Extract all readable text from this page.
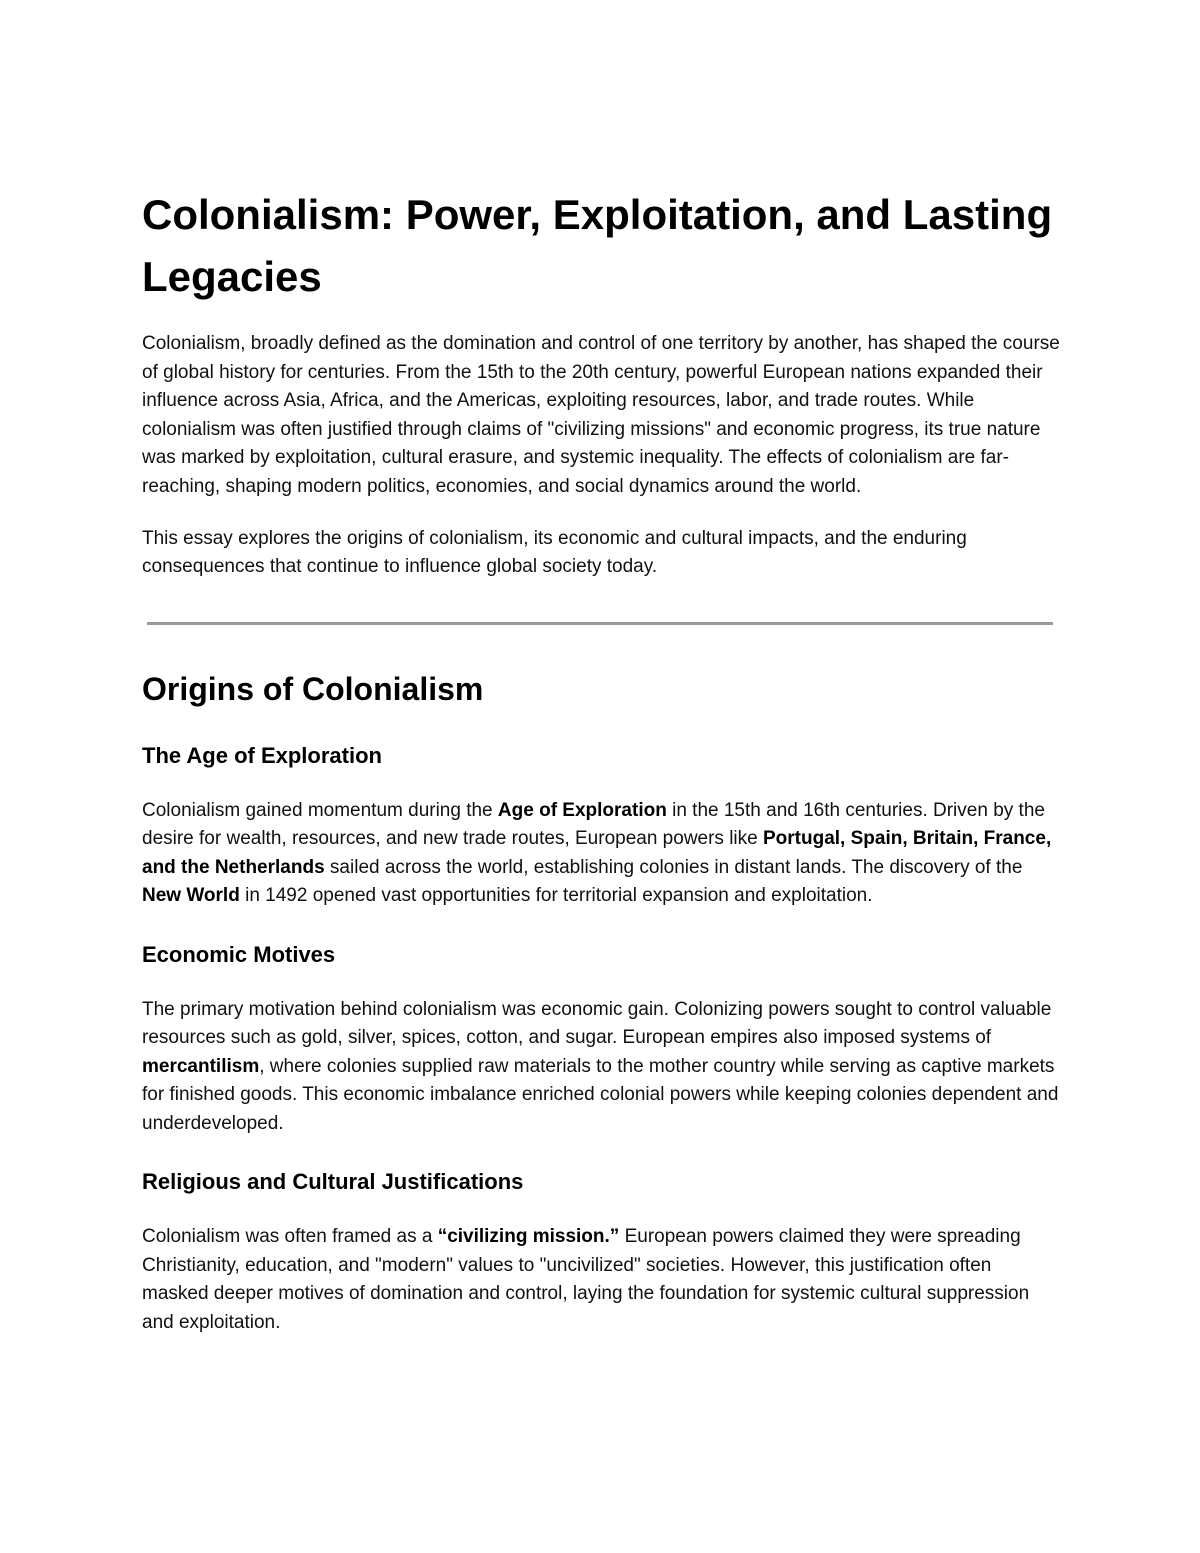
Colonialism: Power, Exploitation, and Lasting Legacies

Colonialism, broadly defined as the domination and control of one territory by another, has shaped the course of global history for centuries. From the 15th to the 20th century, powerful European nations expanded their influence across Asia, Africa, and the Americas, exploiting resources, labor, and trade routes. While colonialism was often justified through claims of "civilizing missions" and economic progress, its true nature was marked by exploitation, cultural erasure, and systemic inequality. The effects of colonialism are far-reaching, shaping modern politics, economies, and social dynamics around the world.

This essay explores the origins of colonialism, its economic and cultural impacts, and the enduring consequences that continue to influence global society today.

Origins of Colonialism
The Age of Exploration

Colonialism gained momentum during the Age of Exploration in the 15th and 16th centuries. Driven by the desire for wealth, resources, and new trade routes, European powers like Portugal, Spain, Britain, France, and the Netherlands sailed across the world, establishing colonies in distant lands. The discovery of the New World in 1492 opened vast opportunities for territorial expansion and exploitation.

Economic Motives

The primary motivation behind colonialism was economic gain. Colonizing powers sought to control valuable resources such as gold, silver, spices, cotton, and sugar. European empires also imposed systems of mercantilism, where colonies supplied raw materials to the mother country while serving as captive markets for finished goods. This economic imbalance enriched colonial powers while keeping colonies dependent and underdeveloped.

Religious and Cultural Justifications

Colonialism was often framed as a “civilizing mission.” European powers claimed they were spreading Christianity, education, and "modern" values to "uncivilized" societies. However, this justification often masked deeper motives of domination and control, laying the foundation for systemic cultural suppression and exploitation.
